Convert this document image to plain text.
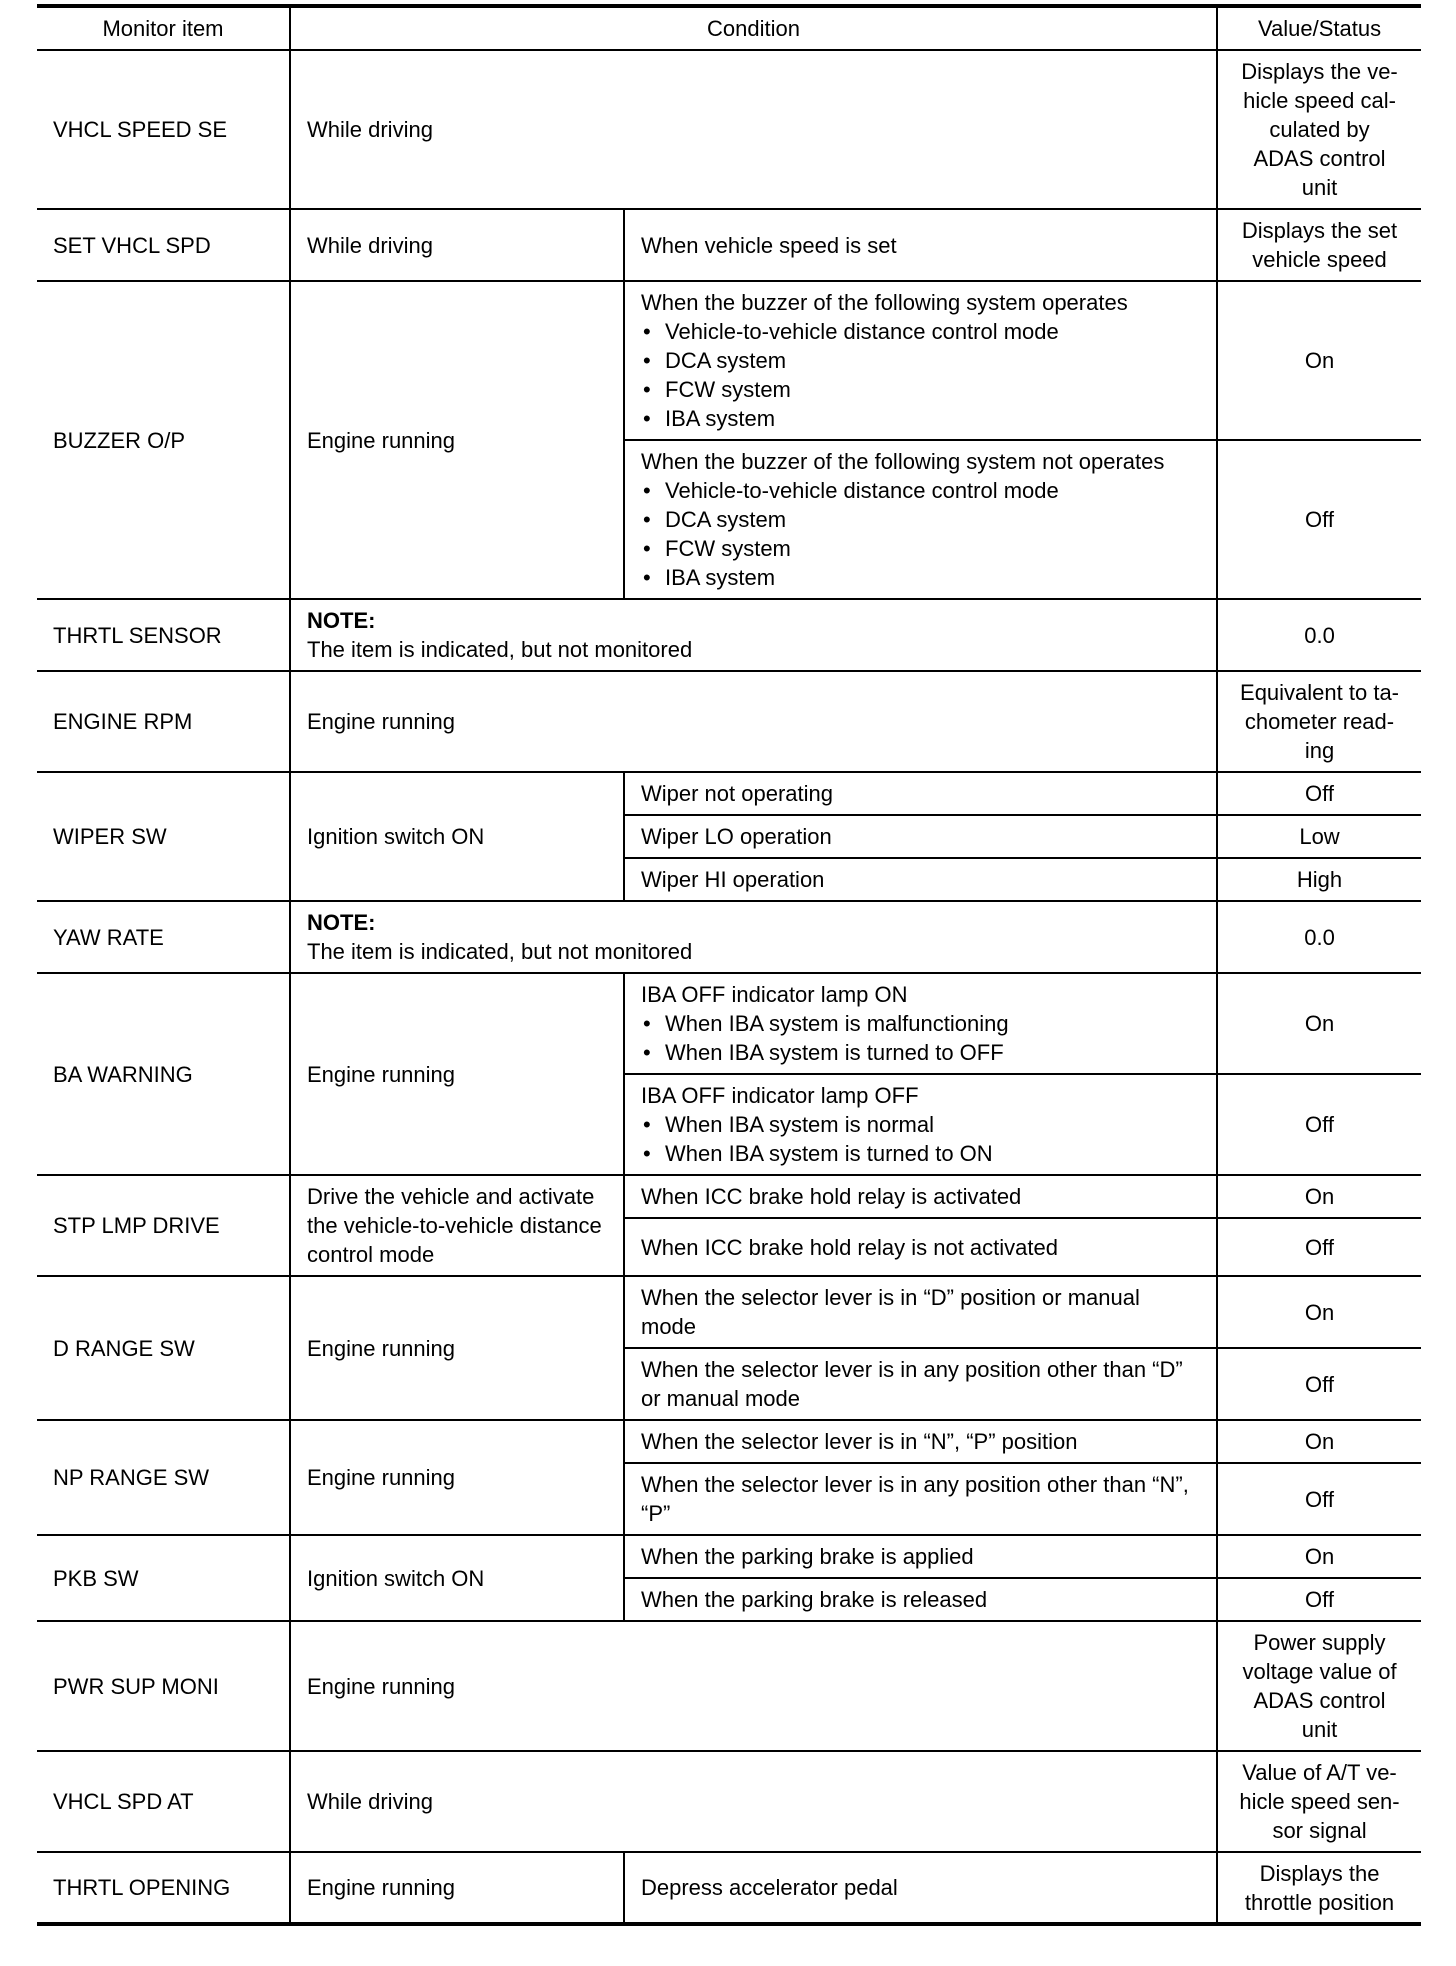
Monitor item	Condition		Value/Status
VHCL SPEED SE	While driving		Displays the ve-
hicle speed cal-
culated by
ADAS control
unit

SET VHCL SPD	While driving	When vehicle speed is set	Displays the set
vehicle speed

BUZZER O/P	Engine running	When the buzzer of the following system operates
• Vehicle-to-vehicle distance control mode
• DCA system
• FCW system
• IBA system	On

		When the buzzer of the following system not operates
• Vehicle-to-vehicle distance control mode
• DCA system
• FCW system
• IBA system	Off
THRTL SENSOR	NOTE:
The item is indicated, but not monitored		0.0
ENGINE RPM	Engine running		Equivalent to ta-
chometer read-
ing

WIPER SW	Ignition switch ON	Wiper not operating	Off
		Wiper LO operation	Low
		Wiper HI operation	High
YAW RATE	NOTE:
The item is indicated, but not monitored		0.0
BA WARNING	Engine running	IBA OFF indicator lamp ON
• When IBA system is malfunctioning
• When IBA system is turned to OFF	On

		IBA OFF indicator lamp OFF
• When IBA system is normal
• When IBA system is turned to ON	Off
STP LMP DRIVE	Drive the vehicle and activate
the vehicle-to-vehicle distance
control mode	When ICC brake hold relay is activated	On
		When ICC brake hold relay is not activated	Off
D RANGE SW	Engine running	When the selector lever is in “D” position or manual
mode	On

		When the selector lever is in any position other than “D”
or manual mode	Off
NP RANGE SW	Engine running	When the selector lever is in “N”, “P” position	On

		When the selector lever is in any position other than “N”,
“P”	Off
PKB SW	Ignition switch ON	When the parking brake is applied	On
		When the parking brake is released	Off
PWR SUP MONI	Engine running		Power supply
voltage value of
ADAS control
unit

VHCL SPD AT	While driving		Value of A/T ve-
hicle speed sen-
sor signal

THRTL OPENING	Engine running	Depress accelerator pedal	Displays the
throttle position
